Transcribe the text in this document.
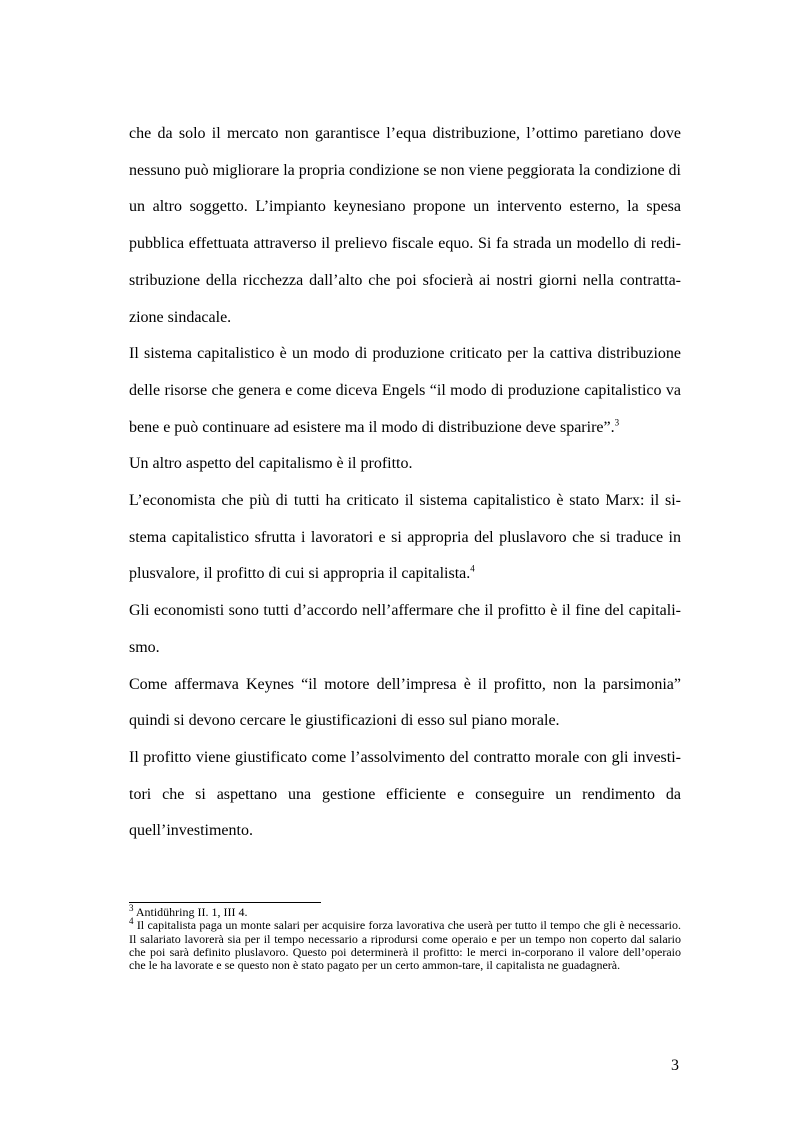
che da solo il mercato non garantisce l’equa distribuzione, l’ottimo paretiano dove nessuno può migliorare la propria condizione se non viene peggiorata la condizione di un altro soggetto. L’impianto keynesiano propone un intervento esterno, la spesa pubblica effettuata attraverso il prelievo fiscale equo. Si fa strada un modello di redi-stribuzione della ricchezza dall’alto che poi sfocierà ai nostri giorni nella contratta-zione sindacale.

Il sistema capitalistico è un modo di produzione criticato per la cattiva distribuzione delle risorse che genera e come diceva Engels “il modo di produzione capitalistico va bene e può continuare ad esistere ma il modo di distribuzione deve sparire”.$^3$

Un altro aspetto del capitalismo è il profitto.

L’economista che più di tutti ha criticato il sistema capitalistico è stato Marx: il si-stema capitalistico sfrutta i lavoratori e si appropria del pluslavoro che si traduce in plusvalore, il profitto di cui si appropria il capitalista.$^4$

Gli economisti sono tutti d’accordo nell’affermare che il profitto è il fine del capitali-smo.

Come affermava Keynes “il motore dell’impresa è il profitto, non la parsimonia” quindi si devono cercare le giustificazioni di esso sul piano morale.

Il profitto viene giustificato come l’assolvimento del contratto morale con gli investi-tori che si aspettano una gestione efficiente e conseguire un rendimento da quell’investimento.

$^3$ Antidühring II. 1, III 4.

$^4$ Il capitalista paga un monte salari per acquisire forza lavorativa che userà per tutto il tempo che gli è necessario. Il salariato lavorerà sia per il tempo necessario a riprodursi come operaio e per un tempo non coperto dal salario che poi sarà definito pluslavoro. Questo poi determinerà il profitto: le merci in-corporano il valore dell’operaio che le ha lavorate e se questo non è stato pagato per un certo ammon-tare, il capitalista ne guadagnerà.

3
